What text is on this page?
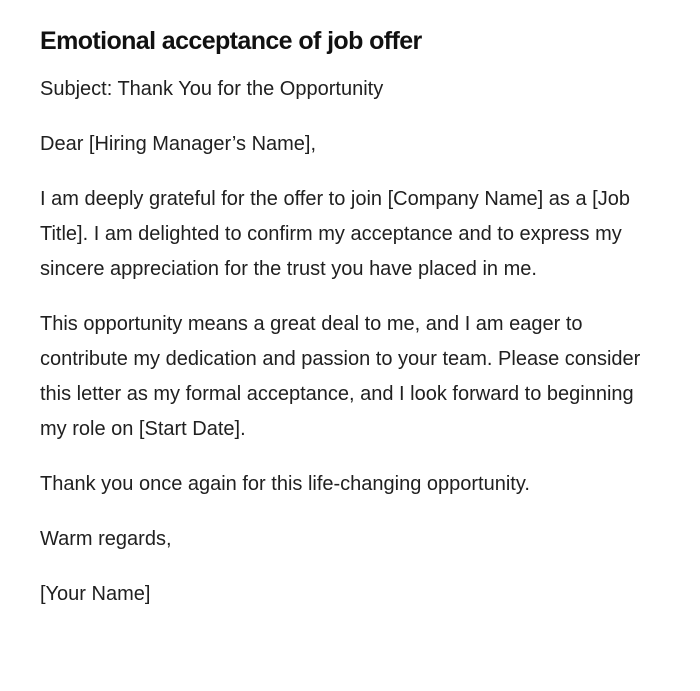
Emotional acceptance of job offer

Subject: Thank You for the Opportunity

Dear [Hiring Manager’s Name],

I am deeply grateful for the offer to join [Company Name] as a [Job Title]. I am delighted to confirm my acceptance and to express my sincere appreciation for the trust you have placed in me.

This opportunity means a great deal to me, and I am eager to contribute my dedication and passion to your team. Please consider this letter as my formal acceptance, and I look forward to beginning my role on [Start Date].

Thank you once again for this life-changing opportunity.

Warm regards,

[Your Name]
